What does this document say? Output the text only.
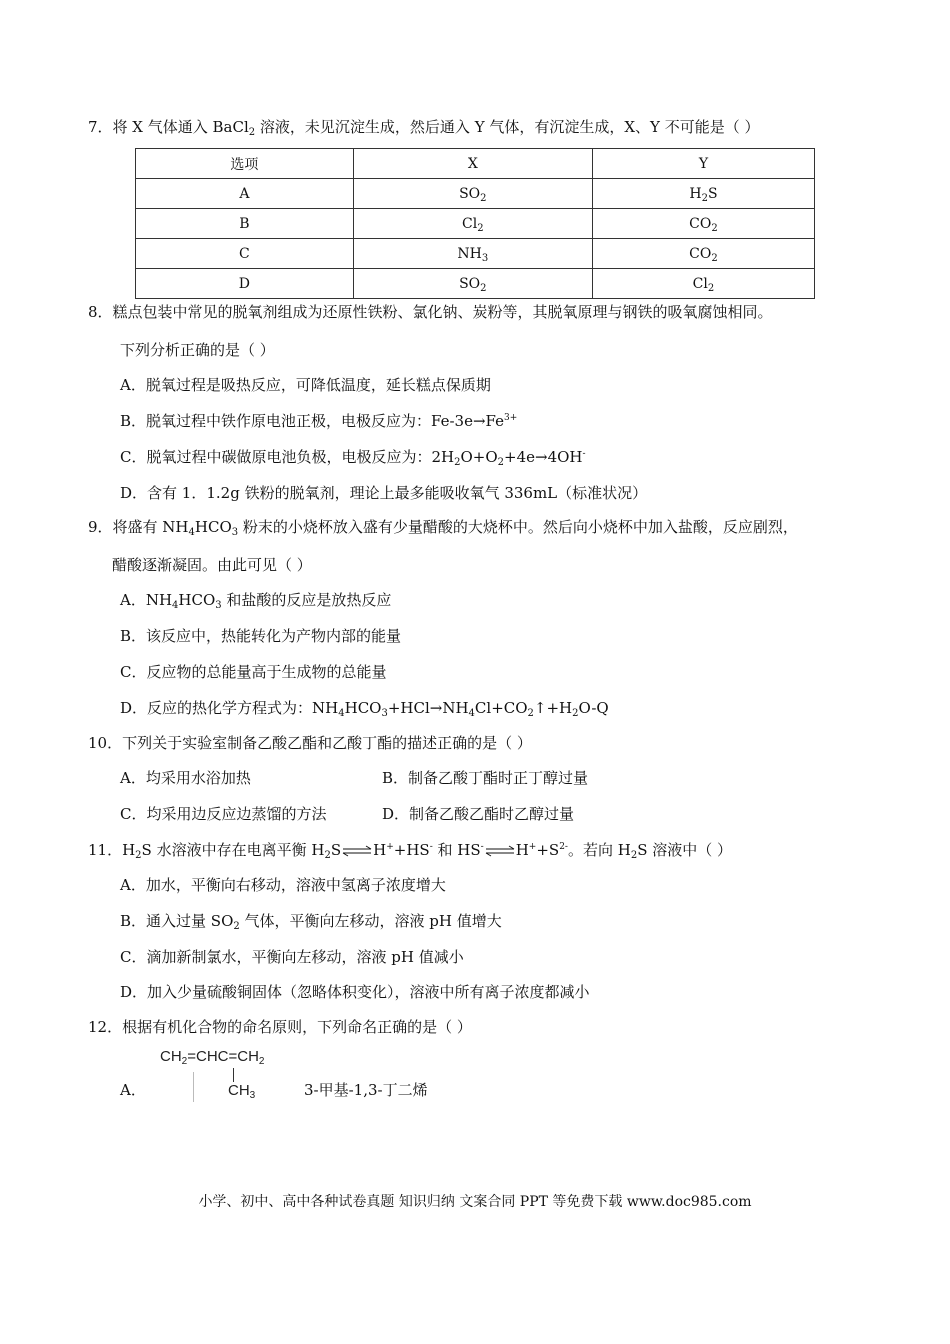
7．将 X 气体通入 BaCl$_2$ 溶液，未见沉淀生成，然后通入 Y 气体，有沉淀生成，X、Y 不可能是（ ）
选项	X	Y
A	$SO_2$	$H_2S$
B	$Cl_2$	$CO_2$
C	$NH_3$	$CO_2$
D	$SO_2$	$Cl_2$
8．糕点包装中常见的脱氧剂组成为还原性铁粉、氯化钠、炭粉等，其脱氧原理与钢铁的吸氧腐蚀相同。
下列分析正确的是（ ）
A．脱氧过程是吸热反应，可降低温度，延长糕点保质期
B．脱氧过程中铁作原电池正极，电极反应为：$Fe-3e\to Fe^{3+}$
C．脱氧过程中碳做原电池负极，电极反应为：$2H_2O+O_2+4e\to 4OH^-$
D．含有 1．1.2g 铁粉的脱氧剂，理论上最多能吸收氧气 336mL（标准状况）
9．将盛有 $NH_4HCO_3$ 粉末的小烧杯放入盛有少量醋酸的大烧杯中。然后向小烧杯中加入盐酸，反应剧烈，
醋酸逐渐凝固。由此可见（ ）
A．$NH_4HCO_3$ 和盐酸的反应是放热反应
B．该反应中，热能转化为产物内部的能量
C．反应物的总能量高于生成物的总能量
D．反应的热化学方程式为：$NH_4HCO_3+HCl\to NH_4Cl+CO_2↑+H_2O-Q$
10．下列关于实验室制备乙酸乙酯和乙酸丁酯的描述正确的是（ ）
A．均采用水浴加热	B．制备乙酸丁酯时正丁醇过量
C．均采用边反应边蒸馏的方法	D．制备乙酸乙酯时乙醇过量
11．$H_2S$ 水溶液中存在电离平衡 $H_2S\rightleftharpoons H^++HS^-$ 和 $HS^-\rightleftharpoons H^++S^{2-}$。若向 $H_2S$ 溶液中（ ）
A．加水，平衡向右移动，溶液中氢离子浓度增大
B．通入过量 $SO_2$ 气体，平衡向左移动，溶液 pH 值增大
C．滴加新制氯水，平衡向左移动，溶液 pH 值减小
D．加入少量硫酸铜固体（忽略体积变化），溶液中所有离子浓度都减小
12．根据有机化合物的命名原则，下列命名正确的是（ ）
A．
$CH_2=CHC=CH_2$
$CH_3$	3-甲基-1,3-丁二烯
小学、初中、高中各种试卷真题 知识归纳 文案合同 PPT 等免费下载 www.doc985.com
